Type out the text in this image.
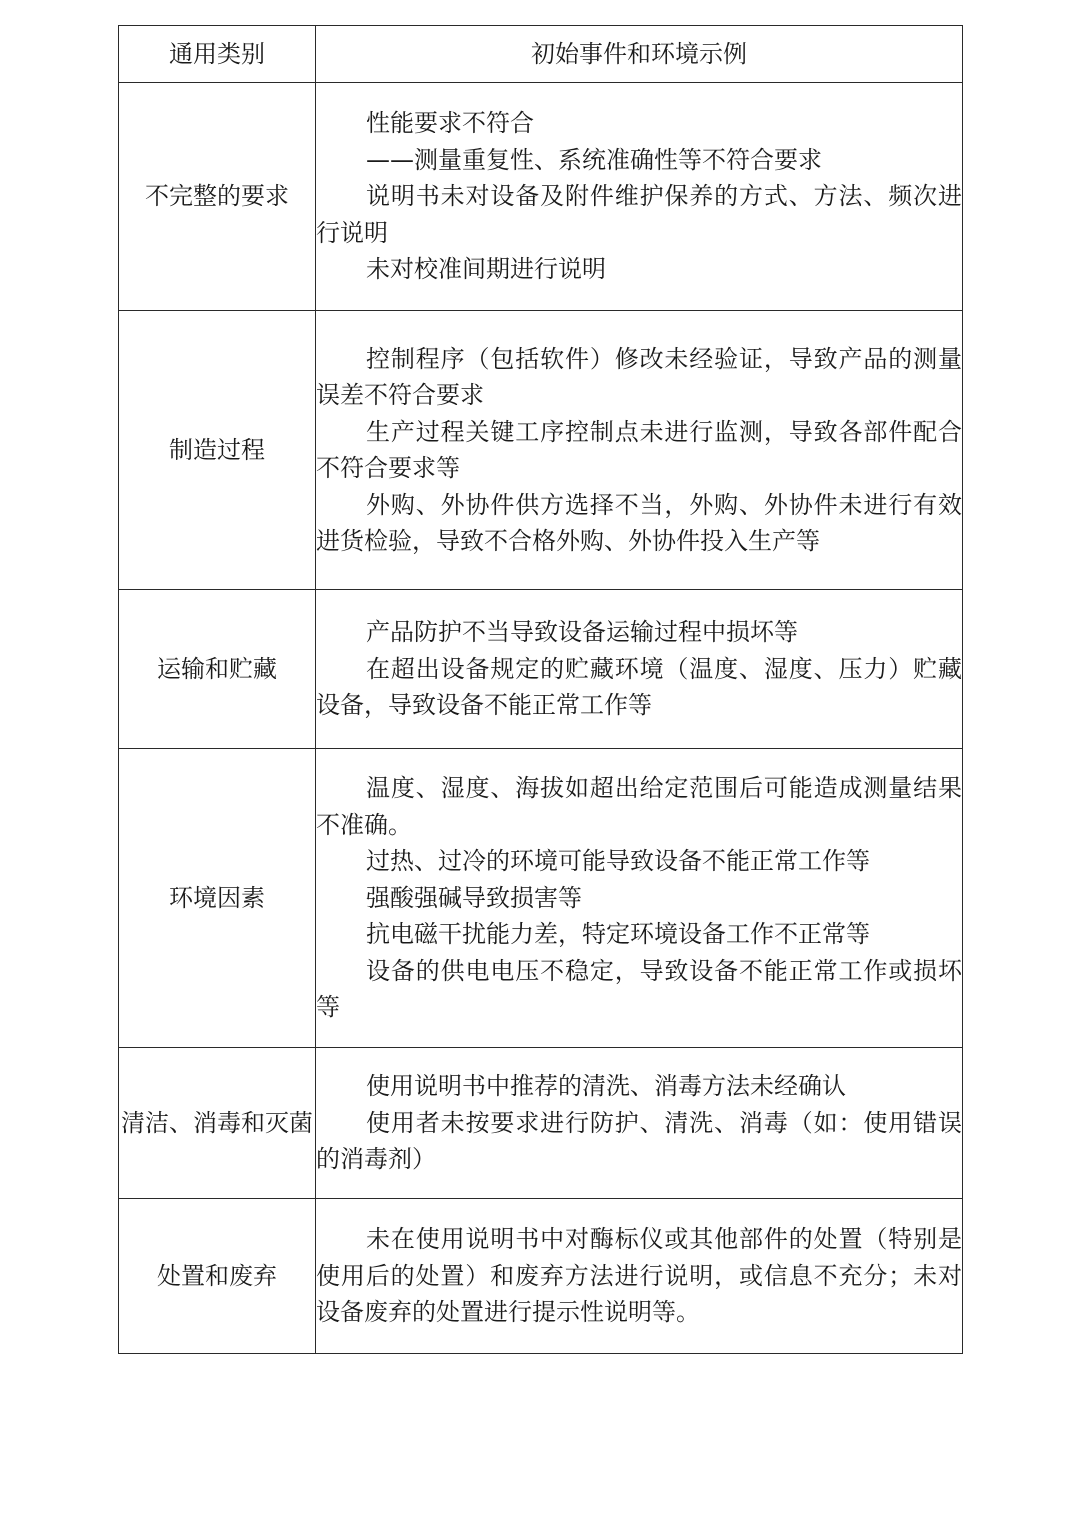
通用类别	初始事件和环境示例
不完整的要求	性能要求不符合

——测量重复性、系统准确性等不符合要求

说明书未对设备及附件维护保养的方式、方法、频次进行说明

未对校准间期进行说明

制造过程	控制程序（包括软件）修改未经验证，导致产品的测量误差不符合要求

生产过程关键工序控制点未进行监测，导致各部件配合不符合要求等

外购、外协件供方选择不当，外购、外协件未进行有效进货检验，导致不合格外购、外协件投入生产等

运输和贮藏	产品防护不当导致设备运输过程中损坏等

在超出设备规定的贮藏环境（温度、湿度、压力）贮藏设备，导致设备不能正常工作等

环境因素	温度、湿度、海拔如超出给定范围后可能造成测量结果不准确。

过热、过冷的环境可能导致设备不能正常工作等

强酸强碱导致损害等

抗电磁干扰能力差，特定环境设备工作不正常等

设备的供电电压不稳定，导致设备不能正常工作或损坏等

清洁、消毒和灭菌	使用说明书中推荐的清洗、消毒方法未经确认

使用者未按要求进行防护、清洗、消毒（如：使用错误的消毒剂）

处置和废弃	未在使用说明书中对酶标仪或其他部件的处置（特别是使用后的处置）和废弃方法进行说明，或信息不充分；未对设备废弃的处置进行提示性说明等。
